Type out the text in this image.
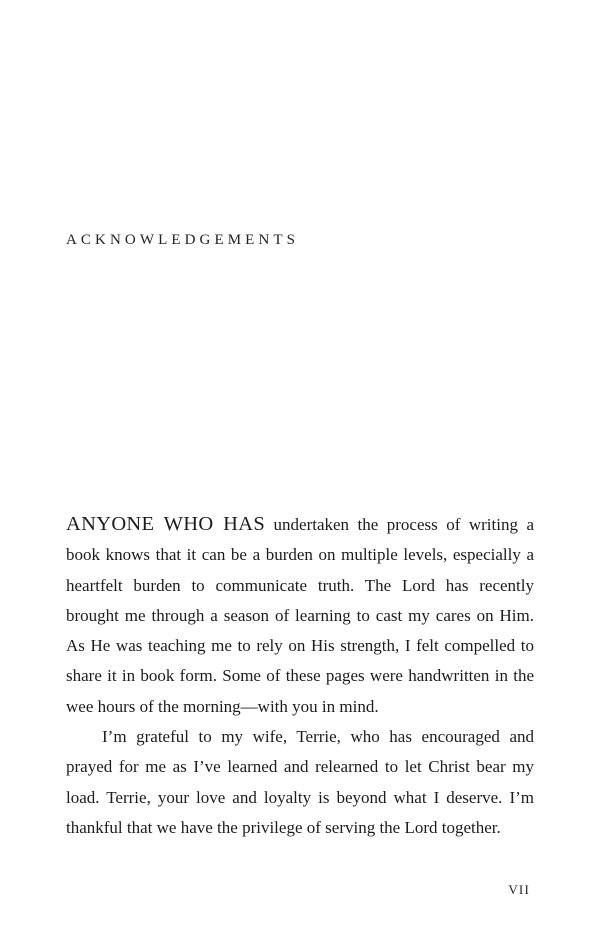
ACKNOWLEDGEMENTS

ANYONE WHO HAS undertaken the process of writing a book knows that it can be a burden on multiple levels, especially a heartfelt burden to communicate truth. The Lord has recently brought me through a season of learning to cast my cares on Him. As He was teaching me to rely on His strength, I felt compelled to share it in book form. Some of these pages were handwritten in the wee hours of the morning—with you in mind.

I’m grateful to my wife, Terrie, who has encouraged and prayed for me as I’ve learned and relearned to let Christ bear my load. Terrie, your love and loyalty is beyond what I deserve. I’m thankful that we have the privilege of serving the Lord together.

VII
